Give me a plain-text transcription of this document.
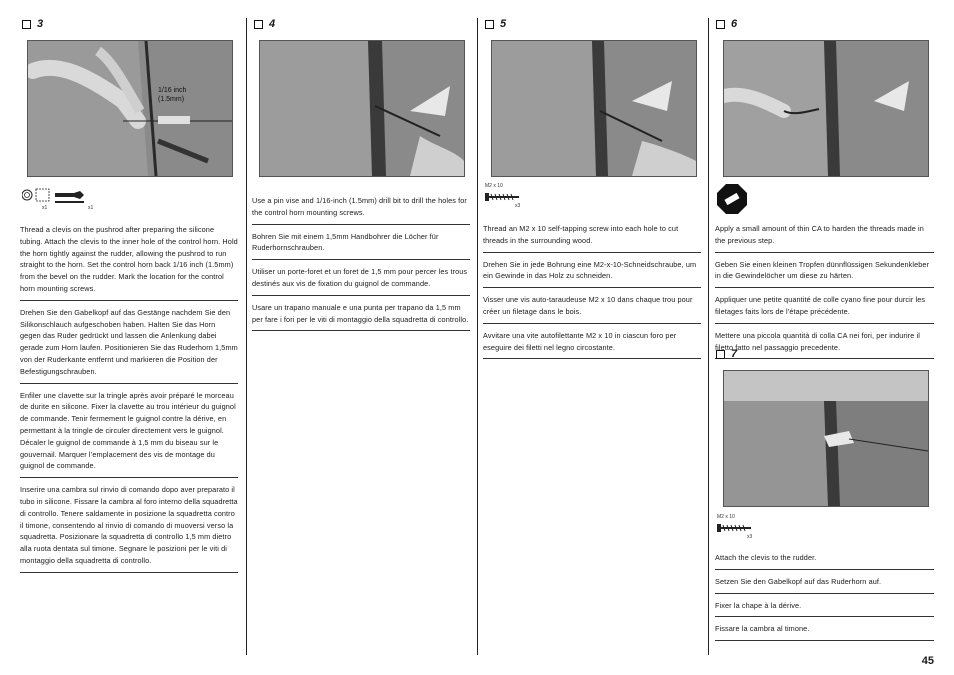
3
1/16 inch
(1.5mm)
x1	x1

Thread a clevis on the pushrod after preparing the silicone tubing. Attach the clevis to the inner hole of the control horn. Hold the horn tightly against the rudder, allowing the pushrod to run straight to the horn. Set the control horn back 1/16 inch (1.5mm) from the bevel on the rudder. Mark the location for the control horn mounting screws.

Drehen Sie den Gabelkopf auf das Gestänge nachdem Sie den Silikonschlauch aufgeschoben haben. Halten Sie das Horn gegen das Ruder gedrückt und lassen die Anlenkung dabei gerade zum Horn laufen. Positionieren Sie das Ruderhorn 1,5mm von der Ruderkante entfernt und markieren die Position der Befestigungschrauben.

Enfiler une clavette sur la tringle après avoir préparé le morceau de durite en silicone. Fixer la clavette au trou intérieur du guignol de commande. Tenir fermement le guignol contre la dérive, en permettant à la tringle de circuler directement vers le guignol. Décaler le guignol de commande à 1,5 mm du biseau sur le gouvernail. Marquer l’emplacement des vis de montage du guignol de commande.

Inserire una cambra sul rinvio di comando dopo aver preparato il tubo in silicone. Fissare la cambra al foro interno della squadretta di controllo. Tenere saldamente in posizione la squadretta contro il timone, consentendo al rinvio di comando di muoversi verso la squadretta. Posizionare la squadretta di controllo 1,5 mm dietro alla ruota dentata sul timone. Segnare le posizioni per le viti di montaggio della squadretta di controllo.

4

Use a pin vise and 1/16-inch (1.5mm) drill bit to drill the holes for the control horn mounting screws.

Bohren Sie mit einem 1,5mm Handbohrer die Löcher für Ruderhornschrauben.

Utiliser un porte-foret et un foret de 1,5 mm pour percer les trous destinés aux vis de fixation du guignol de commande.

Usare un trapano manuale e una punta per trapano da 1,5 mm per fare i fori per le viti di montaggio della squadretta di controllo.

5
M2 x 10
x3

Thread an M2 x 10 self-tapping screw into each hole to cut threads in the surrounding wood.

Drehen Sie in jede Bohrung eine M2-x-10-Schneidschraube, um ein Gewinde in das Holz zu schneiden.

Visser une vis auto-taraudeuse M2 x 10 dans chaque trou pour créer un filetage dans le bois.

Avvitare una vite autofilettante M2 x 10 in ciascun foro per eseguire dei filetti nel legno circostante.

6

Apply a small amount of thin CA to harden the threads made in the previous step.

Geben Sie einen kleinen Tropfen dünnflüssigen Sekundenkleber in die Gewindelöcher um diese zu härten.

Appliquer une petite quantité de colle cyano fine pour durcir les filetages faits lors de l’étape précédente.

Mettere una piccola quantità di colla CA nei fori, per indurire il filetto fatto nel passaggio precedente.

7
M2 x 10
x3

Attach the clevis to the rudder.

Setzen Sie den Gabelkopf auf das Ruderhorn auf.

Fixer la chape à la dérive.

Fissare la cambra al timone.

45
